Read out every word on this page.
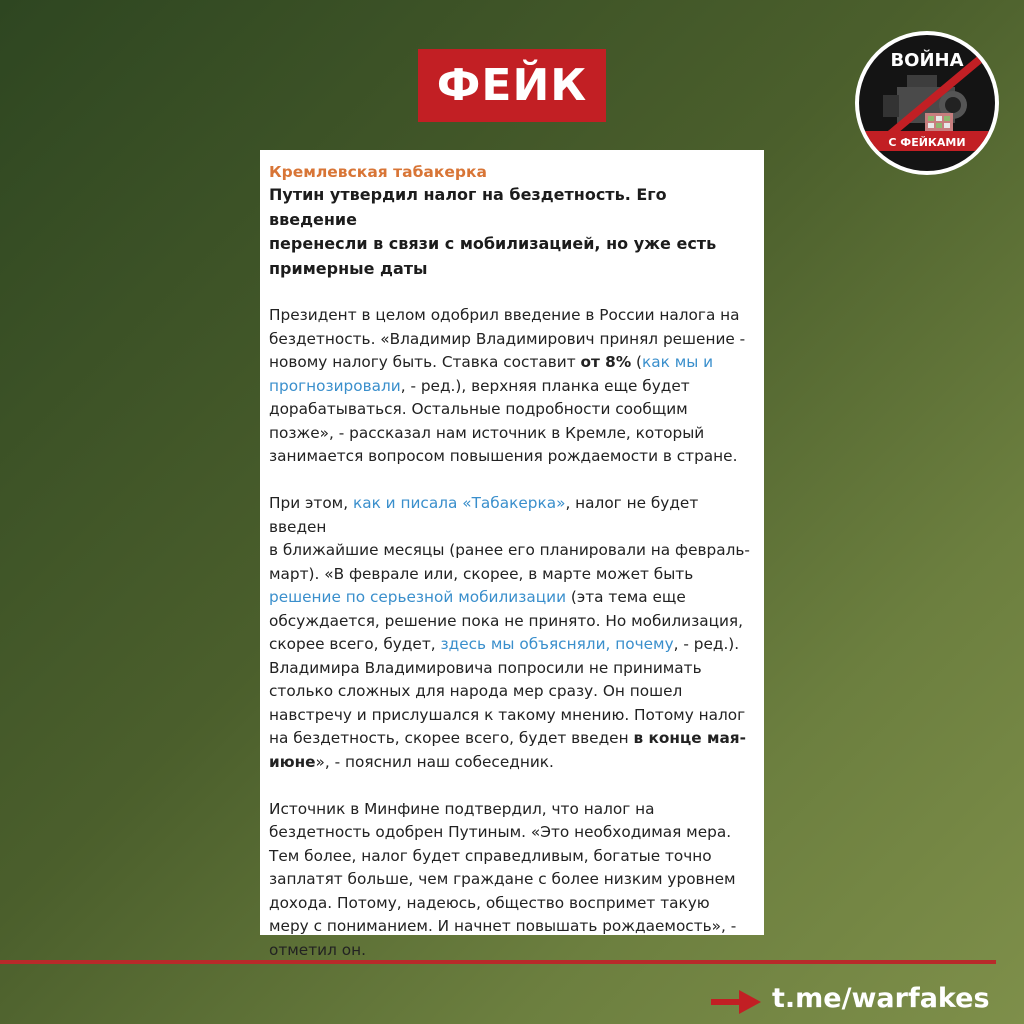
ФЕЙК	ВОЙНА
С ФЕЙКАМИ
Кремлевская табакерка
Путин утвердил налог на бездетность. Его введение
перенесли в связи с мобилизацией, но уже есть
примерные даты

Президент в целом одобрил введение в России налога на

бездетность. «Владимир Владимирович принял решение -

новому налогу быть. Ставка составит от 8% (как мы и

прогнозировали, - ред.), верхняя планка еще будет

дорабатываться. Остальные подробности сообщим

позже», - рассказал нам источник в Кремле, который

занимается вопросом повышения рождаемости в стране.

При этом, как и писала «Табакерка», налог не будет введен

в ближайшие месяцы (ранее его планировали на февраль-

март). «В феврале или, скорее, в марте может быть

решение по серьезной мобилизации (эта тема еще

обсуждается, решение пока не принято. Но мобилизация,

скорее всего, будет, здесь мы объясняли, почему, - ред.).

Владимира Владимировича попросили не принимать

столько сложных для народа мер сразу. Он пошел

навстречу и прислушался к такому мнению. Потому налог

на бездетность, скорее всего, будет введен в конце мая-

июне», - пояснил наш собеседник.

Источник в Минфине подтвердил, что налог на

бездетность одобрен Путиным. «Это необходимая мера.

Тем более, налог будет справедливым, богатые точно

заплатят больше, чем граждане с более низким уровнем

дохода. Потому, надеюсь, общество воспримет такую

меру с пониманием. И начнет повышать рождаемость», -

отметил он.

t.me/warfakes
